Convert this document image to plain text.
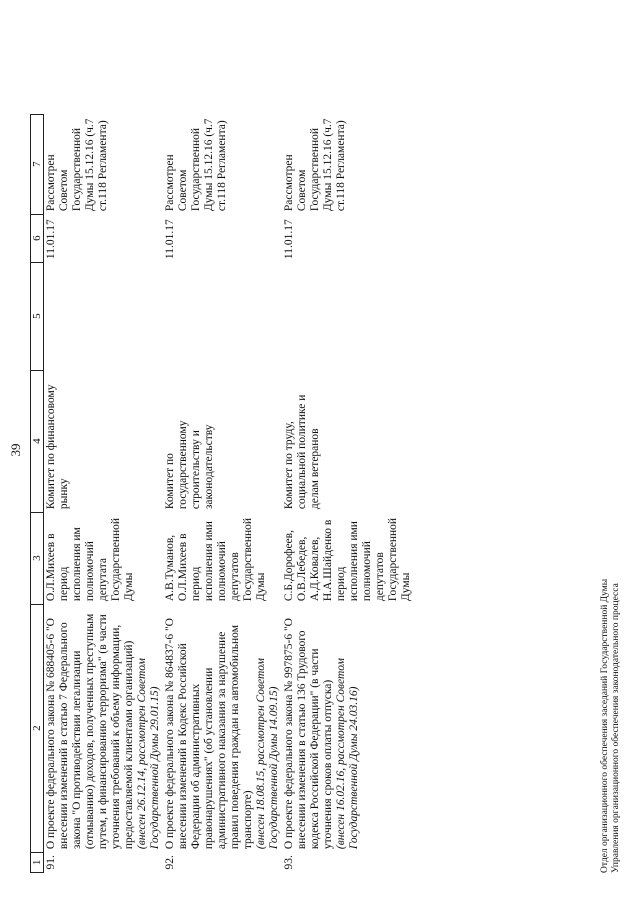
39
1	2	3	4	5	6	7
91.	О проекте федерального закона № 688405-6 "О внесении изменений в статью 7 Федерального закона "О противодействии легализации (отмыванию) доходов, полученных преступным путем, и финансированию терроризма" (в части уточнения требований к объему информации, предоставляемой клиентами организаций) (внесен 26.12.14, рассмотрен Советом Государственной Думы 29.01.15)	О.Л.Михеев в период исполнения им полномочий депутата Государственной Думы	Комитет по финансовому рынку		11.01.17	Рассмотрен Советом Государственной Думы 15.12.16 (ч.7 ст.118 Регламента)
92.	О проекте федерального закона № 864837-6 "О внесении изменений в Кодекс Российской Федерации об административных правонарушениях" (об установлении административного наказания за нарушение правил поведения граждан на автомобильном транспорте) (внесен 18.08.15, рассмотрен Советом Государственной Думы 14.09.15)	А.В.Туманов, О.Л.Михеев в период исполнения ими полномочий депутатов Государственной Думы	Комитет по государственному строительству и законодательству		11.01.17	Рассмотрен Советом Государственной Думы 15.12.16 (ч.7 ст.118 Регламента)
93.	О проекте федерального закона № 997875-6 "О внесении изменения в статью 136 Трудового кодекса Российской Федерации" (в части уточнения сроков оплаты отпуска) (внесен 16.02.16, рассмотрен Советом Государственной Думы 24.03.16)	С.Б.Дорофеев, О.В.Лебедев, А.Д.Ковалев, Н.А.Шайденко в период исполнения ими полномочий депутатов Государственной Думы	Комитет по труду, социальной политике и делам ветеранов		11.01.17	Рассмотрен Советом Государственной Думы 15.12.16 (ч.7 ст.118 Регламента)
Отдел организационного обеспечения заседаний Государственной Думы Управления организационного обеспечения законодательного процесса
